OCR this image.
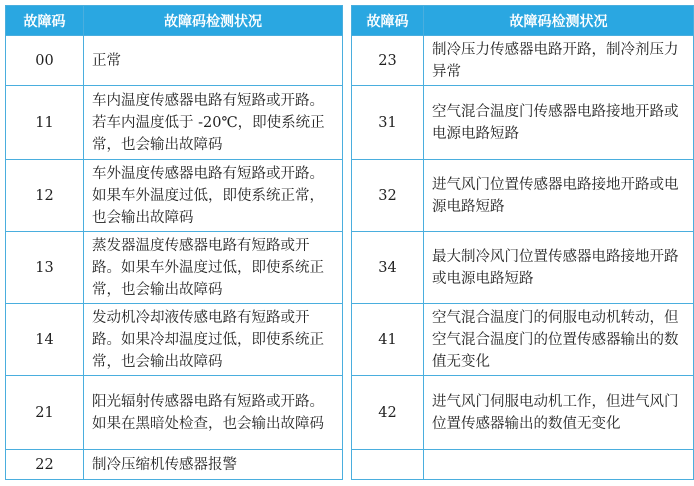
故障码	故障码检测状况
00	正常
11	车内温度传感器电路有短路或开路。 若车内温度低于 -20℃，即使系统正常，也会输出故障码
12	车外温度传感器电路有短路或开路。如果车外温度过低，即使系统正常，也会输出故障码
13	蒸发器温度传感器电路有短路或开路。如果车外温度过低，即使系统正常，也会输出故障码
14	发动机冷却液传感电路有短路或开路。如果冷却温度过低，即使系统正常，也会输出故障码
21	阳光辐射传感器电路有短路或开路。如果在黑暗处检查，也会输出故障码
22	制冷压缩机传感器报警
故障码	故障码检测状况
23	制冷压力传感器电路开路，制冷剂压力异常
31	空气混合温度门传感器电路接地开路或电源电路短路
32	进气风门位置传感器电路接地开路或电源电路短路
34	最大制冷风门位置传感器电路接地开路或电源电路短路
41	空气混合温度门的伺服电动机转动，但空气混合温度门的位置传感器输出的数值无变化
42	进气风门伺服电动机工作，但进气风门位置传感器输出的数值无变化
